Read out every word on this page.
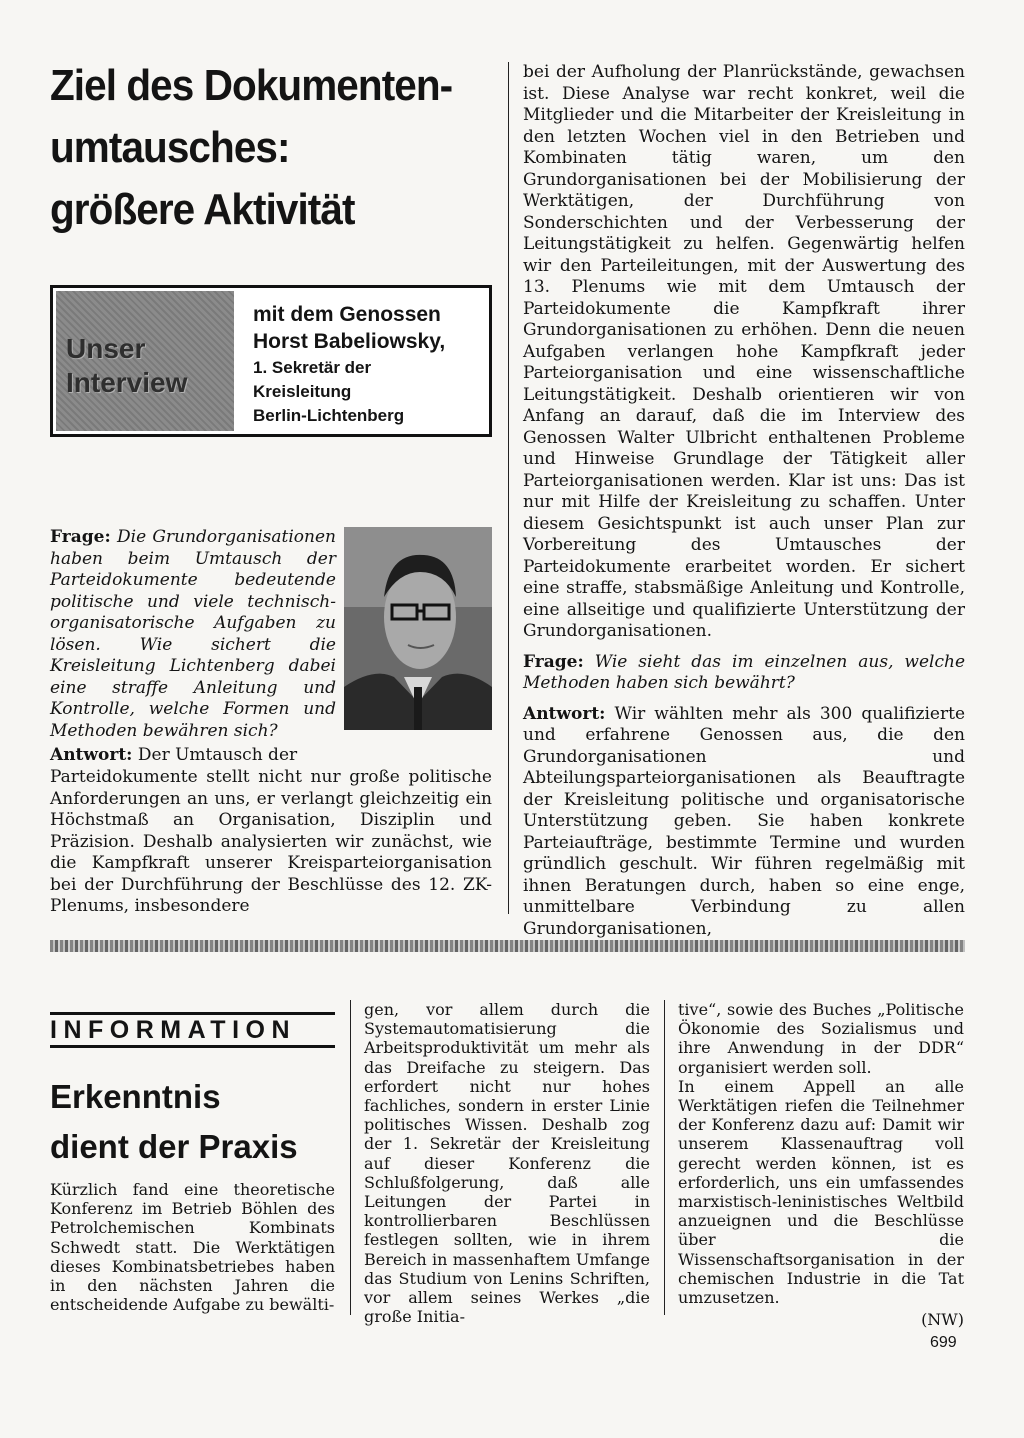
Ziel des Dokumenten-
umtausches:
größere Aktivität
Unser
Interview
mit dem Genossen
Horst Babeliowsky,
1. Sekretär der
Kreisleitung
Berlin-Lichtenberg

Frage: Die Grundorganisationen haben beim Umtausch der Parteidokumente bedeutende politische und viele technisch-organisatorische Aufgaben zu lösen. Wie sichert die Kreisleitung Lichtenberg dabei eine straffe Anleitung und Kontrolle, welche Formen und Methoden bewähren sich?

Antwort: Der Umtausch der

Parteidokumente stellt nicht nur große politische Anforderungen an uns, er verlangt gleichzeitig ein Höchstmaß an Organisation, Disziplin und Präzision. Deshalb analysierten wir zunächst, wie die Kampfkraft unserer Kreisparteiorganisation bei der Durchführung der Beschlüsse des 12. ZK-Plenums, insbesondere

bei der Aufholung der Planrückstände, gewachsen ist. Diese Analyse war recht konkret, weil die Mitglieder und die Mitarbeiter der Kreisleitung in den letzten Wochen viel in den Betrieben und Kombinaten tätig waren, um den Grundorganisationen bei der Mobilisierung der Werktätigen, der Durchführung von Sonderschichten und der Verbesserung der Leitungstätigkeit zu helfen. Gegenwärtig helfen wir den Parteileitungen, mit der Auswertung des 13. Plenums wie mit dem Umtausch der Parteidokumente die Kampfkraft ihrer Grundorganisationen zu erhöhen. Denn die neuen Aufgaben verlangen hohe Kampfkraft jeder Parteiorganisation und eine wissenschaftliche Leitungstätigkeit. Deshalb orientieren wir von Anfang an darauf, daß die im Interview des Genossen Walter Ulbricht enthaltenen Probleme und Hinweise Grundlage der Tätigkeit aller Parteiorganisationen werden. Klar ist uns: Das ist nur mit Hilfe der Kreisleitung zu schaffen. Unter diesem Gesichtspunkt ist auch unser Plan zur Vorbereitung des Umtausches der Parteidokumente erarbeitet worden. Er sichert eine straffe, stabsmäßige Anleitung und Kontrolle, eine allseitige und qualifizierte Unterstützung der Grundorganisationen.

Frage: Wie sieht das im einzelnen aus, welche Methoden haben sich bewährt?

Antwort: Wir wählten mehr als 300 qualifizierte und erfahrene Genossen aus, die den Grundorganisationen und Abteilungsparteiorganisationen als Beauftragte der Kreisleitung politische und organisatorische Unterstützung geben. Sie haben konkrete Parteiaufträge, bestimmte Termine und wurden gründlich geschult. Wir führen regelmäßig mit ihnen Beratungen durch, haben so eine enge, unmittelbare Verbindung zu allen Grundorganisationen,

INFORMATION
Erkenntnis
dient der Praxis

Kürzlich fand eine theoretische Konferenz im Betrieb Böhlen des Petrolchemischen Kombinats Schwedt statt. Die Werktätigen dieses Kombinatsbetriebes haben in den nächsten Jahren die entscheidende Aufgabe zu bewälti-

gen, vor allem durch die Systemautomatisierung die Arbeitsproduktivität um mehr als das Dreifache zu steigern. Das erfordert nicht nur hohes fachliches, sondern in erster Linie politisches Wissen. Deshalb zog der 1. Sekretär der Kreisleitung auf dieser Konferenz die Schlußfolgerung, daß alle Leitungen der Partei in kontrollierbaren Beschlüssen festlegen sollten, wie in ihrem Bereich in massenhaftem Umfange das Studium von Lenins Schriften, vor allem seines Werkes „die große Initia-

tive“, sowie des Buches „Politische Ökonomie des Sozialismus und ihre Anwendung in der DDR“ organisiert werden soll.

In einem Appell an alle Werktätigen riefen die Teilnehmer der Konferenz dazu auf: Damit wir unserem Klassenauftrag voll gerecht werden können, ist es erforderlich, uns ein umfassendes marxistisch-leninistisches Weltbild anzueignen und die Beschlüsse über die Wissenschaftsorganisation in der chemischen Industrie in die Tat umzusetzen.

(NW)

699
